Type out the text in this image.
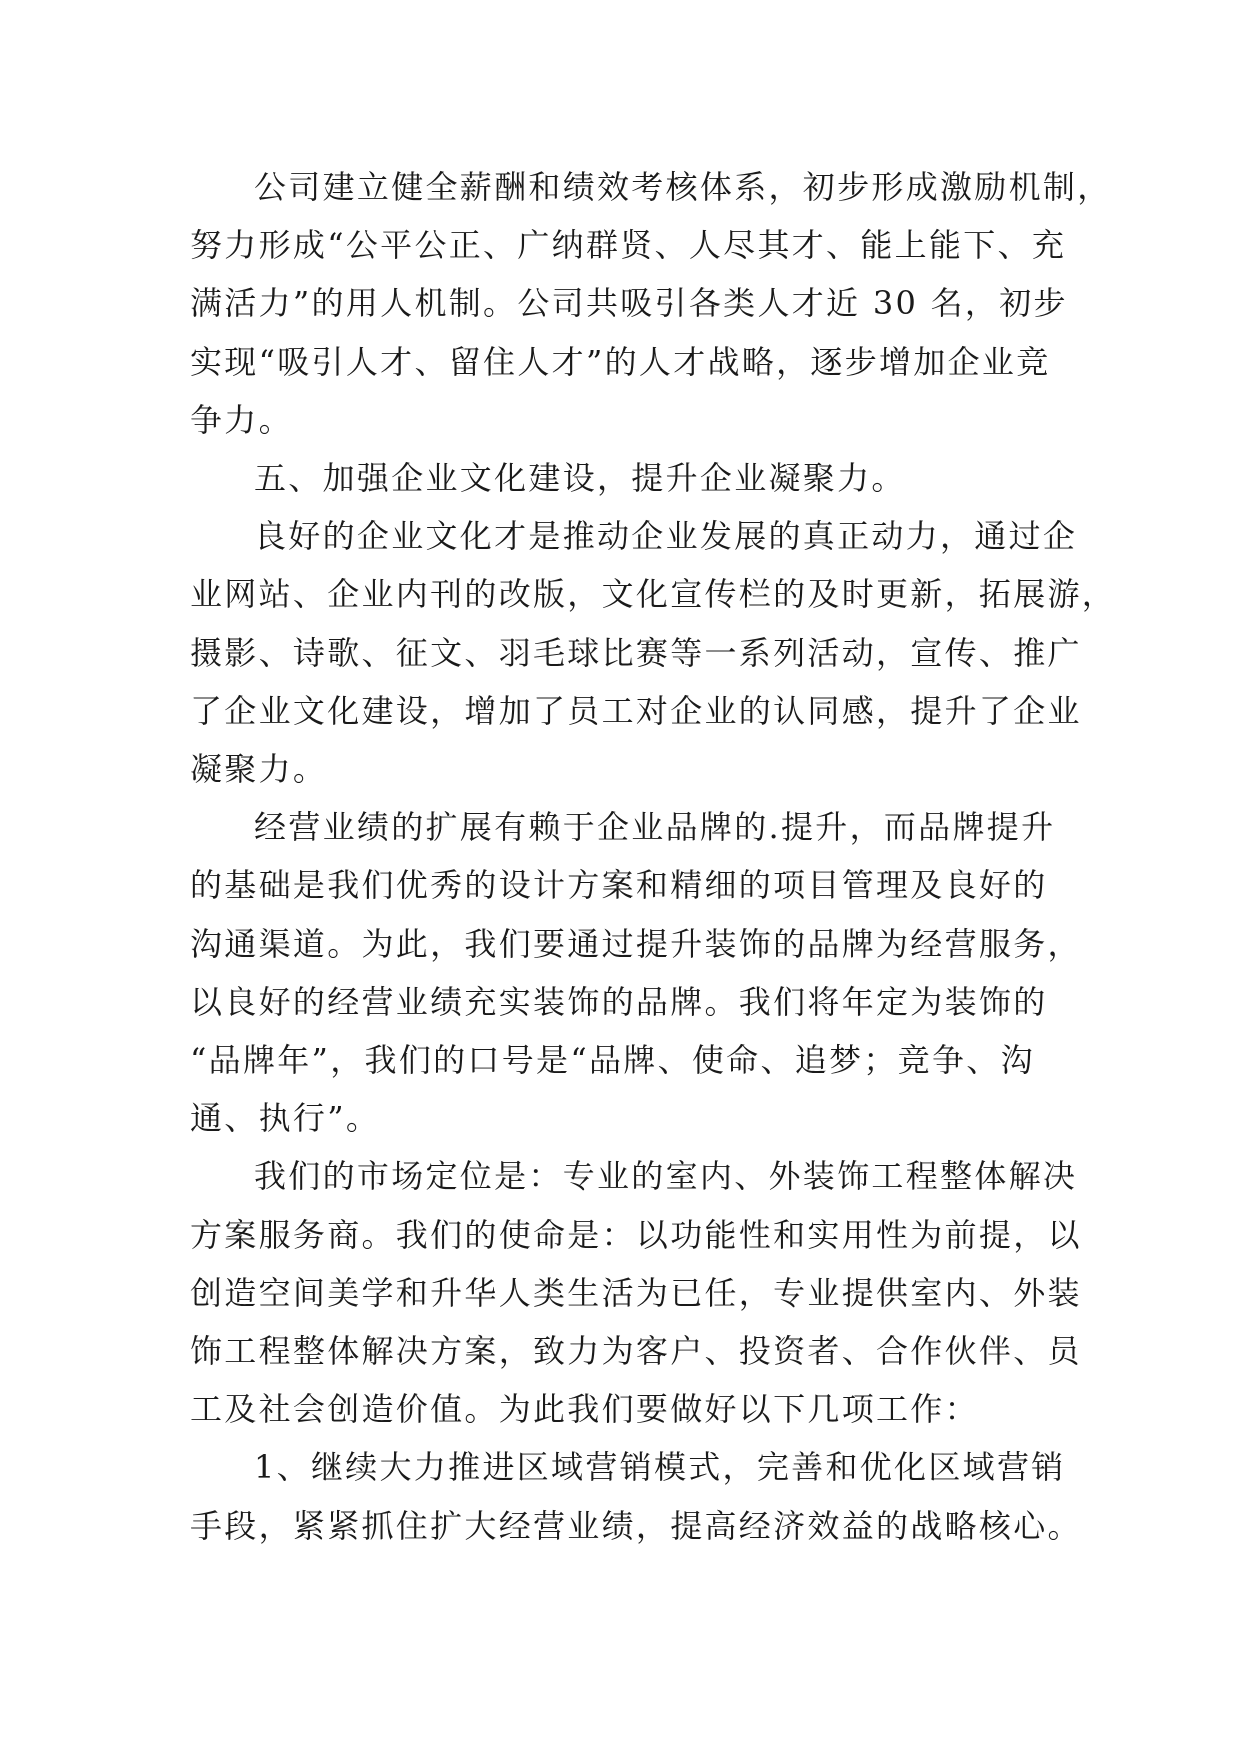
公司建立健全薪酬和绩效考核体系，初步形成激励机制，
努力形成“公平公正、广纳群贤、人尽其才、能上能下、充
满活力”的用人机制。公司共吸引各类人才近 30 名，初步
实现“吸引人才、留住人才”的人才战略，逐步增加企业竞
争力。

五、加强企业文化建设，提升企业凝聚力。

良好的企业文化才是推动企业发展的真正动力，通过企
业网站、企业内刊的改版，文化宣传栏的及时更新，拓展游，
摄影、诗歌、征文、羽毛球比赛等一系列活动，宣传、推广
了企业文化建设，增加了员工对企业的认同感，提升了企业
凝聚力。

经营业绩的扩展有赖于企业品牌的.提升，而品牌提升
的基础是我们优秀的设计方案和精细的项目管理及良好的
沟通渠道。为此，我们要通过提升装饰的品牌为经营服务，
以良好的经营业绩充实装饰的品牌。我们将年定为装饰的
“品牌年”，我们的口号是“品牌、使命、追梦；竞争、沟
通、执行”。

我们的市场定位是：专业的室内、外装饰工程整体解决
方案服务商。我们的使命是：以功能性和实用性为前提，以
创造空间美学和升华人类生活为已任，专业提供室内、外装
饰工程整体解决方案，致力为客户、投资者、合作伙伴、员
工及社会创造价值。为此我们要做好以下几项工作：

1、继续大力推进区域营销模式，完善和优化区域营销
手段，紧紧抓住扩大经营业绩，提高经济效益的战略核心。
